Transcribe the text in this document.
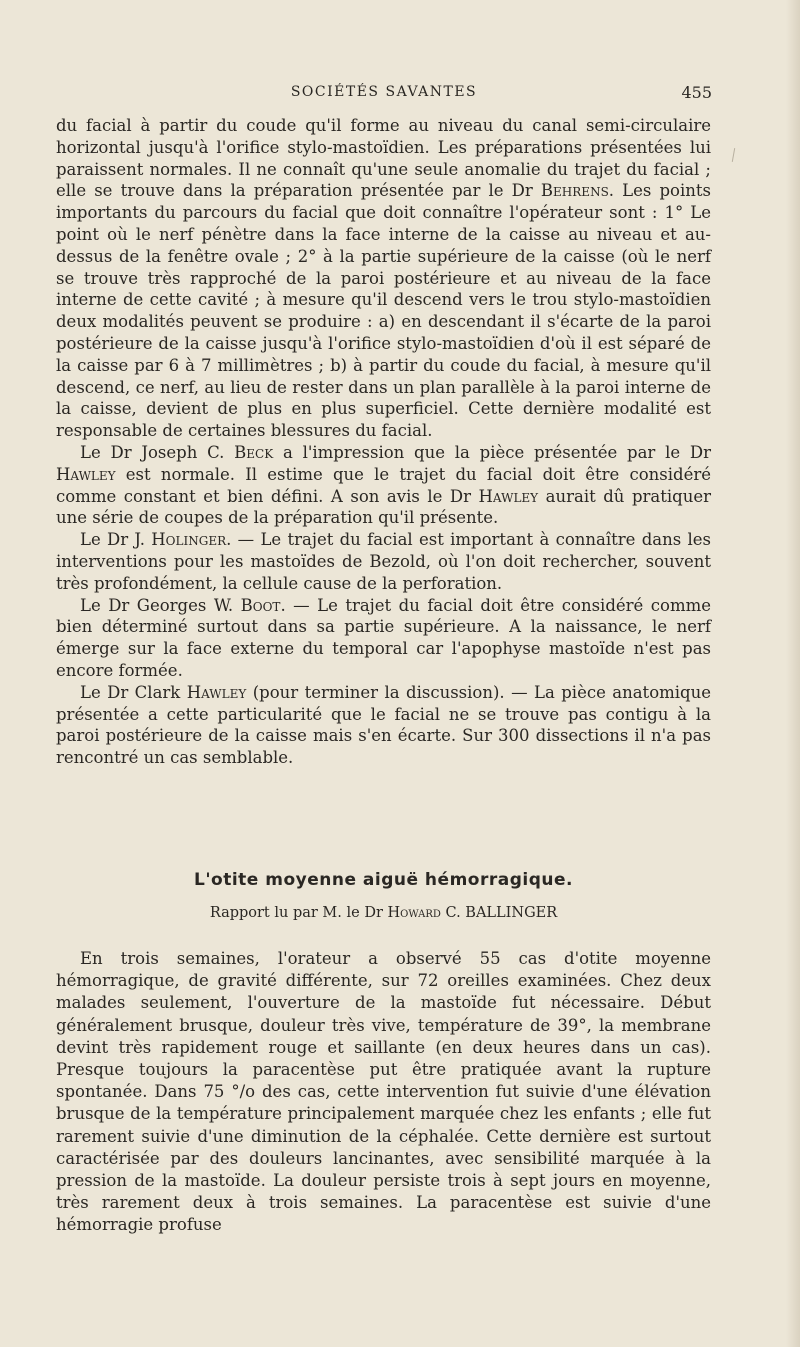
SOCIÉTÉS SAVANTES	455

du facial à partir du coude qu'il forme au niveau du canal semi-circulaire horizontal jusqu'à l'orifice stylo-mastoïdien. Les préparations présentées lui paraissent normales. Il ne connaît qu'une seule anomalie du trajet du facial ; elle se trouve dans la préparation présentée par le Dr Behrens. Les points importants du parcours du facial que doit connaître l'opérateur sont : 1° Le point où le nerf pénètre dans la face interne de la caisse au niveau et au-dessus de la fenêtre ovale ; 2° à la partie supérieure de la caisse (où le nerf se trouve très rapproché de la paroi postérieure et au niveau de la face interne de cette cavité ; à mesure qu'il descend vers le trou stylo-mastoïdien deux modalités peuvent se produire : a) en descendant il s'écarte de la paroi postérieure de la caisse jusqu'à l'orifice stylo-mastoïdien d'où il est séparé de la caisse par 6 à 7 millimètres ; b) à partir du coude du facial, à mesure qu'il descend, ce nerf, au lieu de rester dans un plan parallèle à la paroi interne de la caisse, devient de plus en plus superficiel. Cette dernière modalité est responsable de certaines blessures du facial.

Le Dr Joseph C. Beck a l'impression que la pièce présentée par le Dr Hawley est normale. Il estime que le trajet du facial doit être considéré comme constant et bien défini. A son avis le Dr Hawley aurait dû pratiquer une série de coupes de la préparation qu'il présente.

Le Dr J. Holinger. — Le trajet du facial est important à connaître dans les interventions pour les mastoïdes de Bezold, où l'on doit rechercher, souvent très profondément, la cellule cause de la perforation.

Le Dr Georges W. Boot. — Le trajet du facial doit être considéré comme bien déterminé surtout dans sa partie supérieure. A la naissance, le nerf émerge sur la face externe du temporal car l'apophyse mastoïde n'est pas encore formée.

Le Dr Clark Hawley (pour terminer la discussion). — La pièce anatomique présentée a cette particularité que le facial ne se trouve pas contigu à la paroi postérieure de la caisse mais s'en écarte. Sur 300 dissections il n'a pas rencontré un cas semblable.

L'otite moyenne aiguë hémorragique.
Rapport lu par M. le Dr Howard C. BALLINGER

En trois semaines, l'orateur a observé 55 cas d'otite moyenne hémorragique, de gravité différente, sur 72 oreilles examinées. Chez deux malades seulement, l'ouverture de la mastoïde fut nécessaire. Début généralement brusque, douleur très vive, température de 39°, la membrane devint très rapidement rouge et saillante (en deux heures dans un cas). Presque toujours la paracentèse put être pratiquée avant la rupture spontanée. Dans 75 °/o des cas, cette intervention fut suivie d'une élévation brusque de la température principalement marquée chez les enfants ; elle fut rarement suivie d'une diminution de la céphalée. Cette dernière est surtout caractérisée par des douleurs lancinantes, avec sensibilité marquée à la pression de la mastoïde. La douleur persiste trois à sept jours en moyenne, très rarement deux à trois semaines. La paracentèse est suivie d'une hémorragie profuse
